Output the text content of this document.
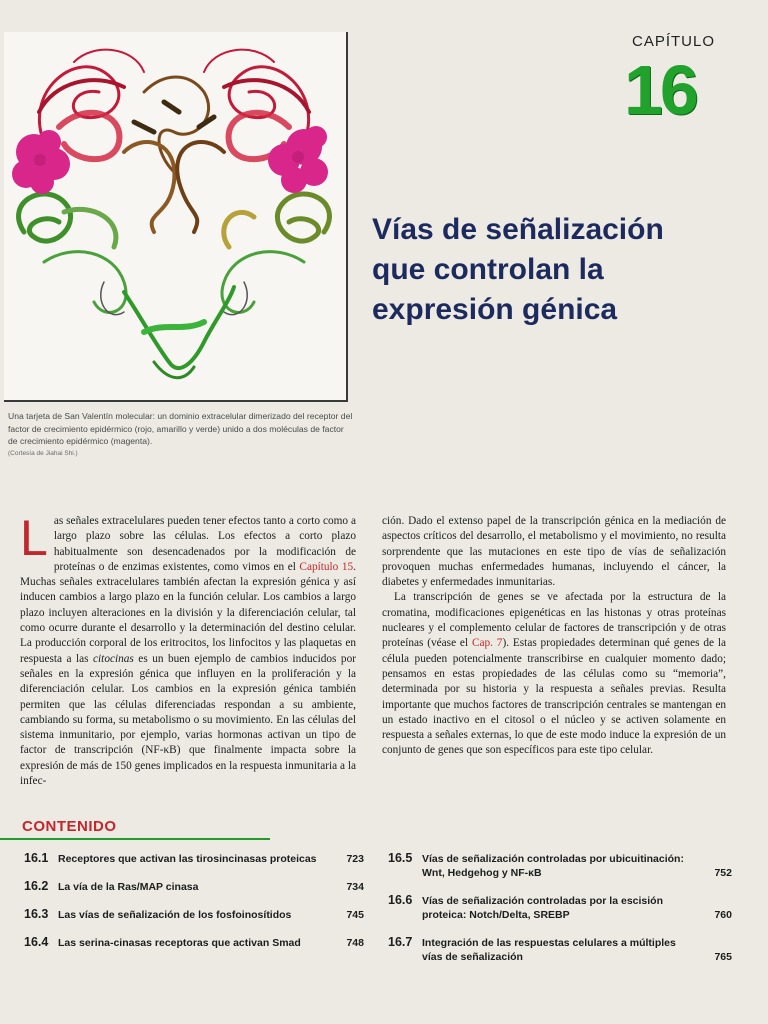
Una tarjeta de San Valentín molecular: un dominio extracelular dimerizado del receptor del factor de crecimiento epidérmico (rojo, amarillo y verde) unido a dos moléculas de factor de crecimiento epidérmico (magenta).
(Cortesía de Jiahai Shi.)
CAPÍTULO
16
Vías de señalización
que controlan la
expresión génica

Las señales extracelulares pueden tener efectos tanto a corto como a largo plazo sobre las células. Los efectos a corto plazo habitualmente son desencadenados por la modificación de proteínas o de enzimas existentes, como vimos en el Capítulo 15. Muchas señales extracelulares también afectan la expresión génica y así inducen cambios a largo plazo en la función celular. Los cambios a largo plazo incluyen alteraciones en la división y la diferenciación celular, tal como ocurre durante el desarrollo y la determinación del destino celular. La producción corporal de los eritrocitos, los linfocitos y las plaquetas en respuesta a las citocinas es un buen ejemplo de cambios inducidos por señales en la expresión génica que influyen en la proliferación y la diferenciación celular. Los cambios en la expresión génica también permiten que las células diferenciadas respondan a su ambiente, cambiando su forma, su metabolismo o su movimiento. En las células del sistema inmunitario, por ejemplo, varias hormonas activan un tipo de factor de transcripción (NF-κB) que finalmente impacta sobre la expresión de más de 150 genes implicados en la respuesta inmunitaria a la infec-

ción. Dado el extenso papel de la transcripción génica en la mediación de aspectos críticos del desarrollo, el metabolismo y el movimiento, no resulta sorprendente que las mutaciones en este tipo de vías de señalización provoquen muchas enfermedades humanas, incluyendo el cáncer, la diabetes y enfermedades inmunitarias.

La transcripción de genes se ve afectada por la estructura de la cromatina, modificaciones epigenéticas en las histonas y otras proteínas nucleares y el complemento celular de factores de transcripción y de otras proteínas (véase el Cap. 7). Estas propiedades determinan qué genes de la célula pueden potencialmente transcribirse en cualquier momento dado; pensamos en estas propiedades de las células como su “memoria”, determinada por su historia y la respuesta a señales previas. Resulta importante que muchos factores de transcripción centrales se mantengan en un estado inactivo en el citosol o el núcleo y se activen solamente en respuesta a señales externas, lo que de este modo induce la expresión de un conjunto de genes que son específicos para este tipo celular.

CONTENIDO
16.1 Receptores que activan las tirosincinasas proteicas	723
16.2 La vía de la Ras/MAP cinasa	734
16.3 Las vías de señalización de los fosfoinosítidos	745
16.4 Las serina-cinasas receptoras que activan Smad	748
16.5 Vías de señalización controladas por ubicuitinación: Wnt, Hedgehog y NF-κB	752
16.6 Vías de señalización controladas por la escisión proteica: Notch/Delta, SREBP	760
16.7 Integración de las respuestas celulares a múltiples vías de señalización	765
